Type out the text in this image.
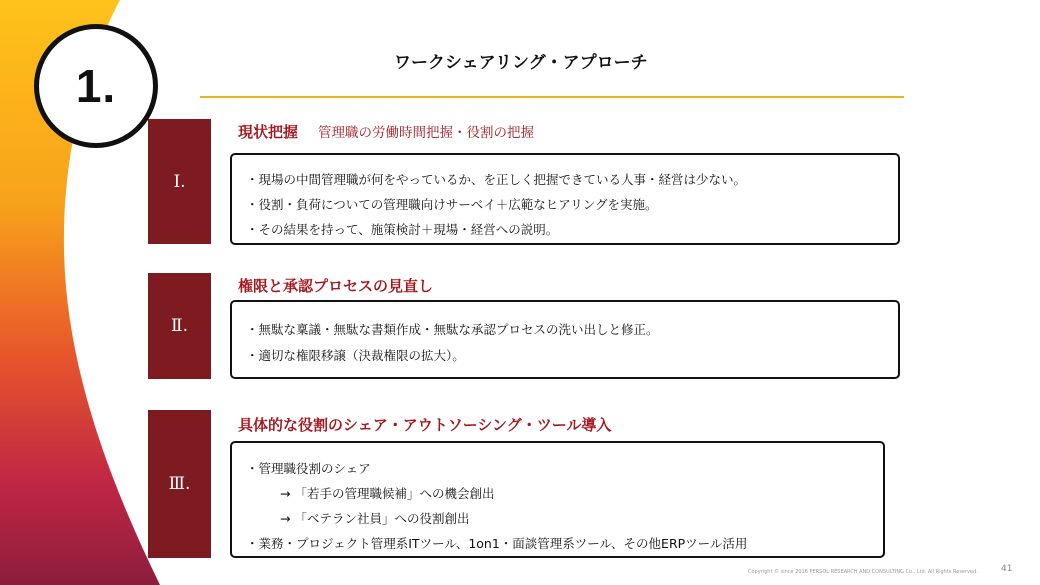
1.	ワークシェアリング・アプローチ
Ⅰ.
現状把握 管理職の労働時間把握・役割の把握
・現場の中間管理職が何をやっているか、を正しく把握できている人事・経営は少ない。
・役割・負荷についての管理職向けサーベイ＋広範なヒアリングを実施。
・その結果を持って、施策検討＋現場・経営への説明。
Ⅱ.
権限と承認プロセスの見直し
・無駄な稟議・無駄な書類作成・無駄な承認プロセスの洗い出しと修正。
・適切な権限移譲（決裁権限の拡大）。
Ⅲ.
具体的な役割のシェア・アウトソーシング・ツール導入
・管理職役割のシェア
→ 「若手の管理職候補」への機会創出
→ 「ベテラン社員」への役割創出
・業務・プロジェクト管理系ITツール、1on1・面談管理系ツール、その他ERPツール活用
Copyright © since 2016 PERSOL RESEARCH AND CONSULTING Co., Ltd. All Rights Reserved.	41
